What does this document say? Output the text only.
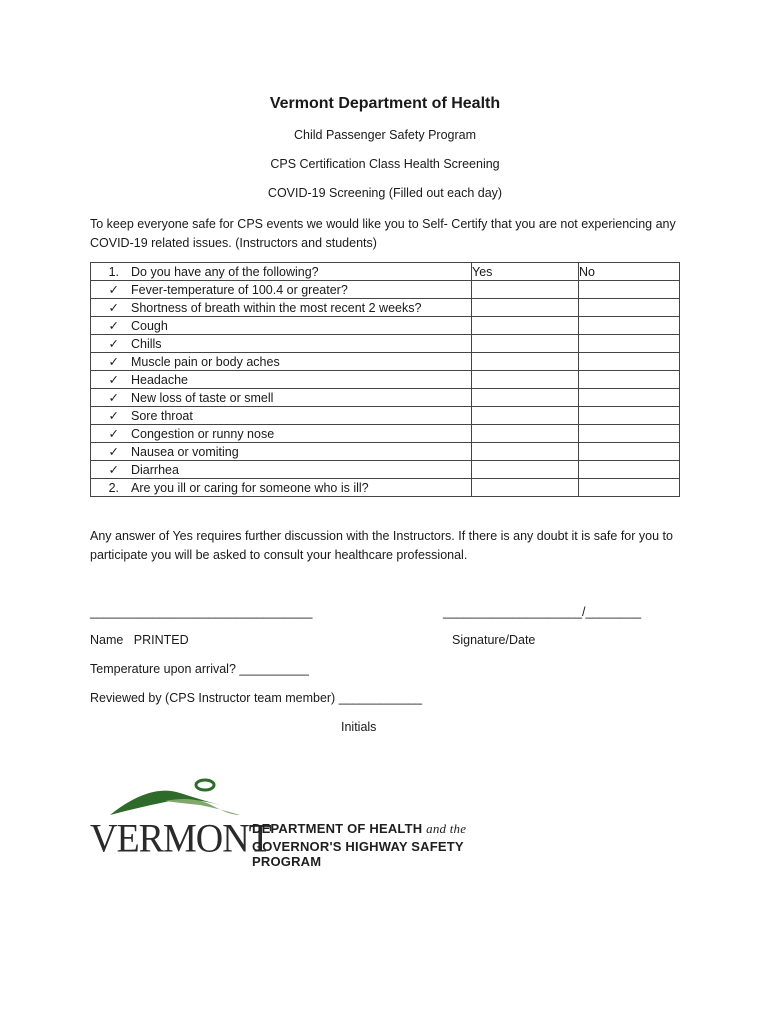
Vermont Department of Health
Child Passenger Safety Program
CPS Certification Class Health Screening
COVID-19 Screening (Filled out each day)
To keep everyone safe for CPS events we would like you to Self- Certify that you are not experiencing any COVID-19 related issues. (Instructors and students)
1. Do you have any of the following?	Yes	No
✓ Fever-temperature of 100.4 or greater?		
✓ Shortness of breath within the most recent 2 weeks?		
✓ Cough		
✓ Chills		
✓ Muscle pain or body aches		
✓ Headache		
✓ New loss of taste or smell		
✓ Sore throat		
✓ Congestion or runny nose		
✓ Nausea or vomiting		
✓ Diarrhea		
2. Are you ill or caring for someone who is ill?		
Any answer of Yes requires further discussion with the Instructors. If there is any doubt it is safe for you to participate you will be asked to consult your healthcare professional.
________________________________	____________________/________
Name   PRINTED	Signature/Date
Temperature upon arrival? __________
Reviewed by (CPS Instructor team member) ____________
Initials
VERMONT
DEPARTMENT OF HEALTH and the
GOVERNOR'S HIGHWAY SAFETY PROGRAM
